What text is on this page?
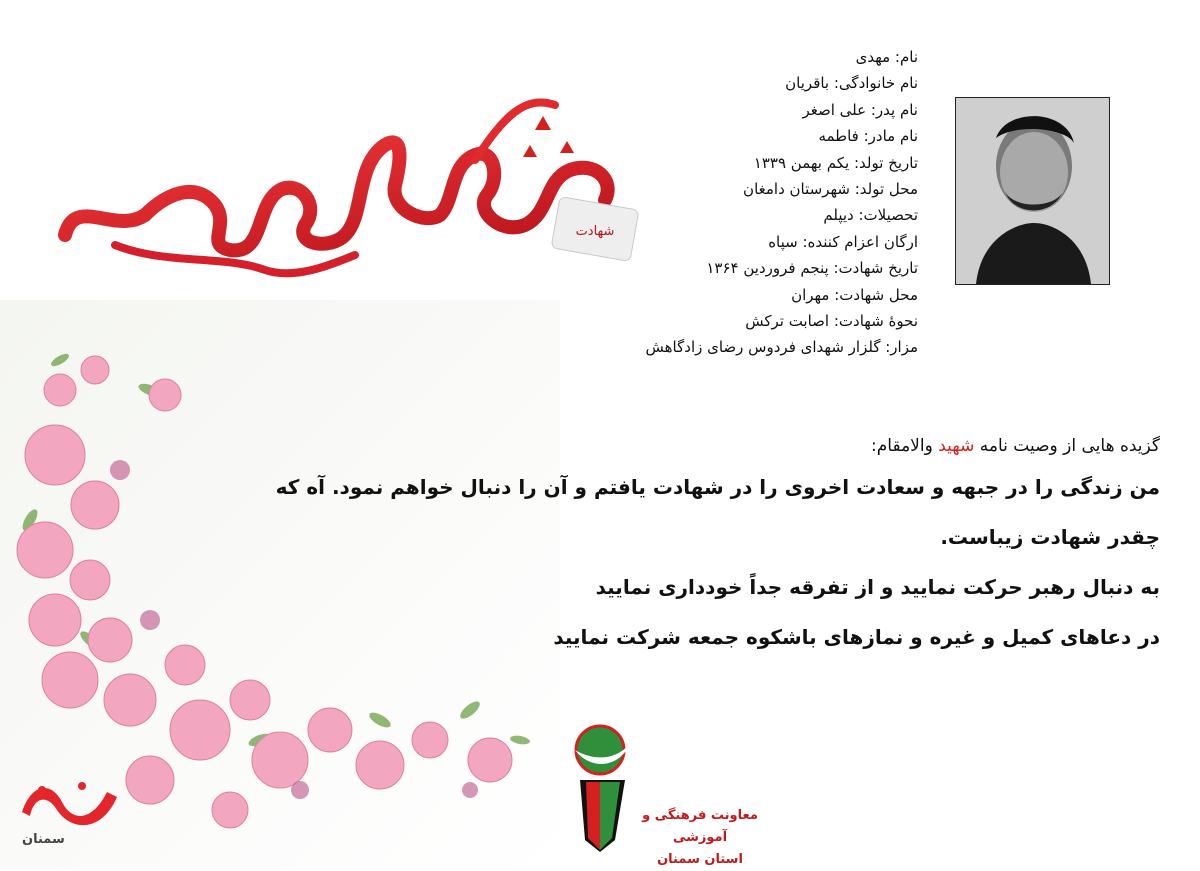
شهادت
نام: مهدی
نام خانوادگی: باقریان
نام پدر: علی اصغر
نام مادر: فاطمه
تاریخ تولد: یکم بهمن ۱۳۳۹
محل تولد: شهرستان دامغان
تحصیلات: دیپلم
ارگان اعزام کننده: سپاه
تاریخ شهادت: پنجم فروردین ۱۳۶۴
محل شهادت: مهران
نحوهٔ شهادت: اصابت ترکش
مزار: گلزار شهدای فردوس رضای زادگاهش
گزیده هایی از وصیت نامه شهید والامقام:
من زندگی را در جبهه و سعادت اخروی را در شهادت یافتم و آن را دنبال خواهم نمود. آه که
چقدر شهادت زیباست.
به دنبال رهبر حرکت نمایید و از تفرقه جداً خودداری نمایید
در دعاهای کمیل و غیره و نمازهای باشکوه جمعه شرکت نمایید
معاونت فرهنگی و آموزشی
استان سمنان
سمنان
